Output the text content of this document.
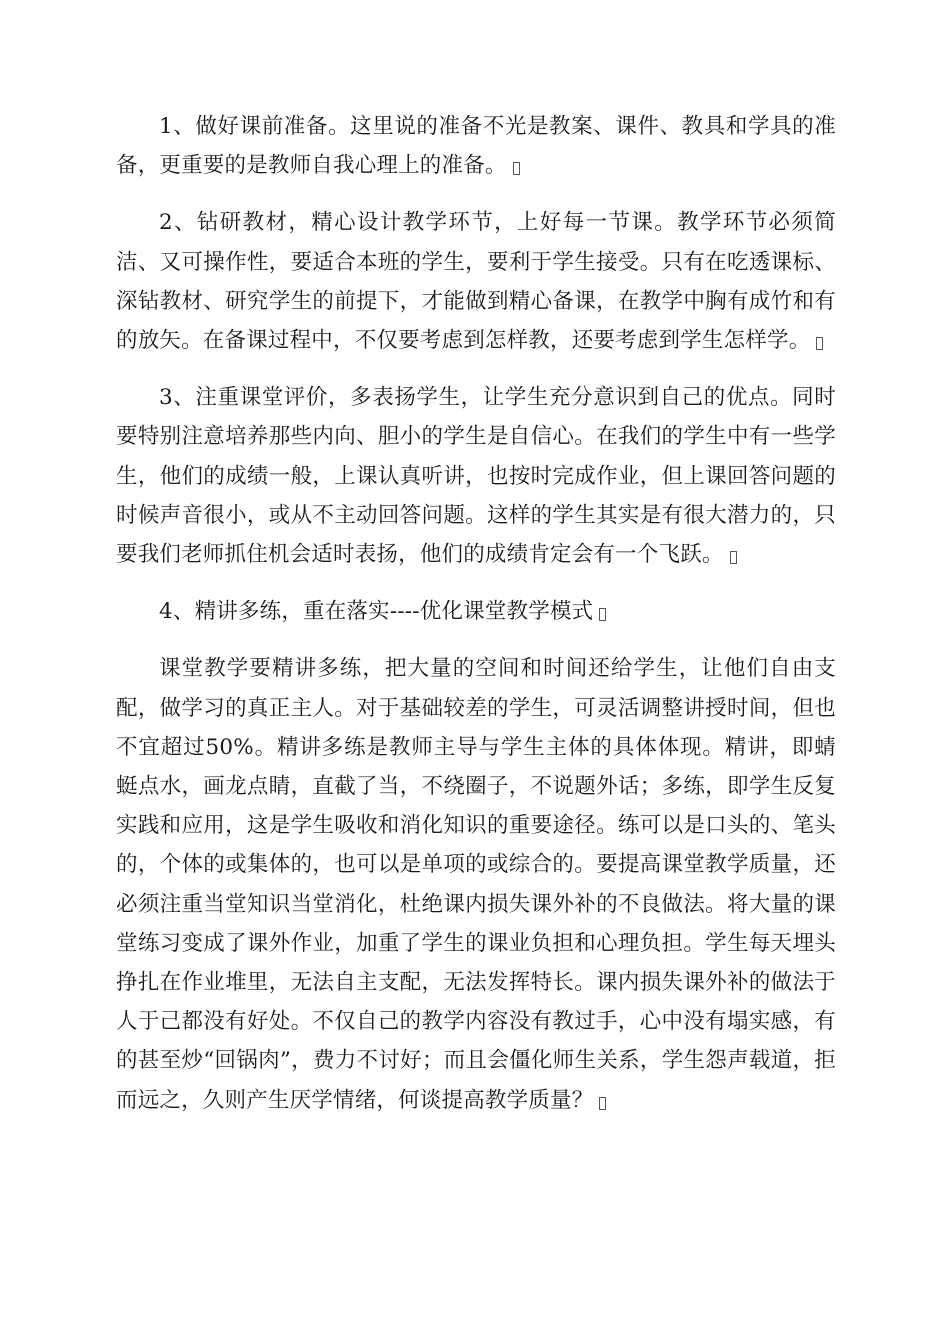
1、做好课前准备。这里说的准备不光是教案、课件、教具和学具的准备，更重要的是教师自我心理上的准备。

2、钻研教材，精心设计教学环节，上好每一节课。教学环节必须简洁、又可操作性，要适合本班的学生，要利于学生接受。只有在吃透课标、深钻教材、研究学生的前提下，才能做到精心备课，在教学中胸有成竹和有的放矢。在备课过程中，不仅要考虑到怎样教，还要考虑到学生怎样学。

3、注重课堂评价，多表扬学生，让学生充分意识到自己的优点。同时要特别注意培养那些内向、胆小的学生是自信心。在我们的学生中有一些学生，他们的成绩一般，上课认真听讲，也按时完成作业，但上课回答问题的时候声音很小，或从不主动回答问题。这样的学生其实是有很大潜力的，只要我们老师抓住机会适时表扬，他们的成绩肯定会有一个飞跃。

4、精讲多练，重在落实----优化课堂教学模式

课堂教学要精讲多练，把大量的空间和时间还给学生，让他们自由支配，做学习的真正主人。对于基础较差的学生，可灵活调整讲授时间，但也不宜超过50%。精讲多练是教师主导与学生主体的具体体现。精讲，即蜻蜓点水，画龙点睛，直截了当，不绕圈子，不说题外话；多练，即学生反复实践和应用，这是学生吸收和消化知识的重要途径。练可以是口头的、笔头的，个体的或集体的，也可以是单项的或综合的。要提高课堂教学质量，还必须注重当堂知识当堂消化，杜绝课内损失课外补的不良做法。将大量的课堂练习变成了课外作业，加重了学生的课业负担和心理负担。学生每天埋头挣扎在作业堆里，无法自主支配，无法发挥特长。课内损失课外补的做法于人于己都没有好处。不仅自己的教学内容没有教过手，心中没有塌实感，有的甚至炒“回锅肉”，费力不讨好；而且会僵化师生关系，学生怨声载道，拒而远之，久则产生厌学情绪，何谈提高教学质量？
